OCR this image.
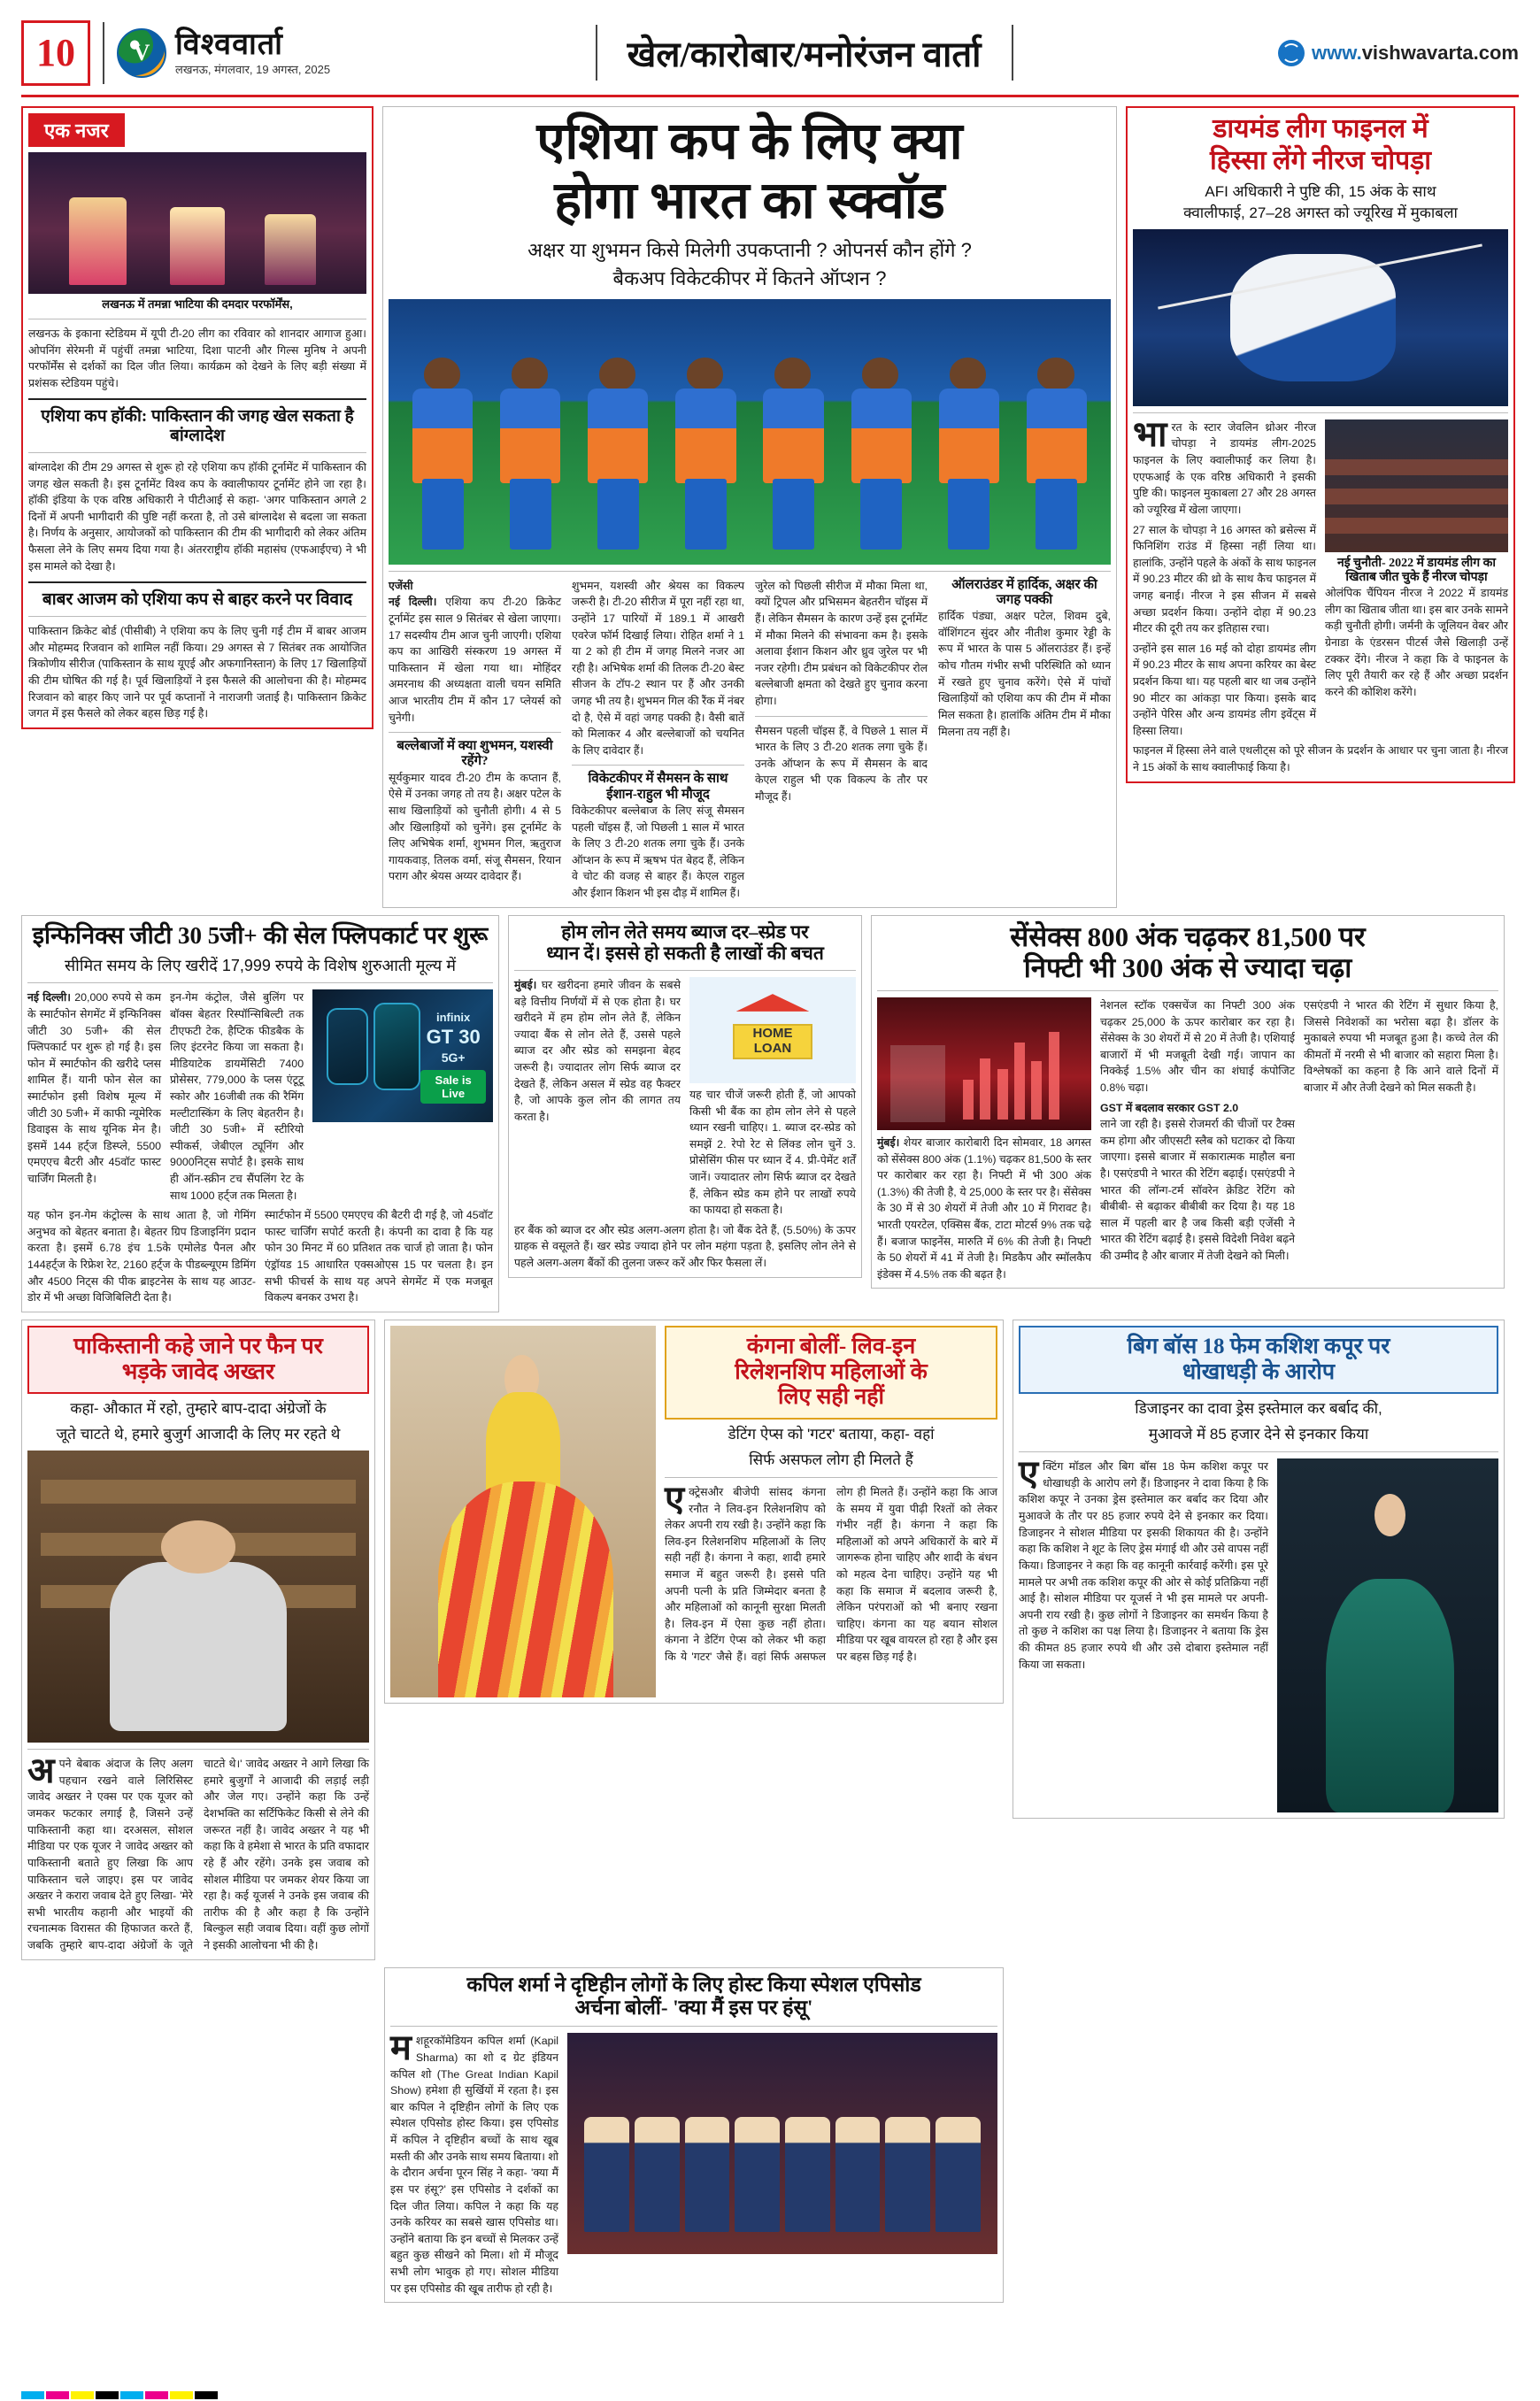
10	V विश्ववार्ता
लखनऊ, मंगलवार, 19 अगस्त, 2025	खेल/कारोबार/मनोरंजन वार्ता	www.vishwavarta.com
एक नजर
लखनऊ में तमन्ना भाटिया की दमदार परफॉर्मेंस,
लखनऊ के इकाना स्टेडियम में यूपी टी-20 लीग का रविवार को शानदार आगाज हुआ। ओपनिंग सेरेमनी में पहुंचीं तमन्ना भाटिया, दिशा पाटनी और गिल्स मुनिष ने अपनी परफॉर्मेंस से दर्शकों का दिल जीत लिया। कार्यक्रम को देखने के लिए बड़ी संख्या में प्रशंसक स्टेडियम पहुंचे।
एशिया कप हॉकी: पाकिस्तान की जगह खेल सकता है बांग्लादेश
बांग्लादेश की टीम 29 अगस्त से शुरू हो रहे एशिया कप हॉकी टूर्नामेंट में पाकिस्तान की जगह खेल सकती है। इस टूर्नामेंट विश्व कप के क्वालीफायर टूर्नामेंट होने जा रहा है। हॉकी इंडिया के एक वरिष्ठ अधिकारी ने पीटीआई से कहा- 'अगर पाकिस्तान अगले 2 दिनों में अपनी भागीदारी की पुष्टि नहीं करता है, तो उसे बांग्लादेश से बदला जा सकता है। निर्णय के अनुसार, आयोजकों को पाकिस्तान की टीम की भागीदारी को लेकर अंतिम फैसला लेने के लिए समय दिया गया है। अंतरराष्ट्रीय हॉकी महासंघ (एफआईएच) ने भी इस मामले को देखा है।
बाबर आजम को एशिया कप से बाहर करने पर विवाद
पाकिस्तान क्रिकेट बोर्ड (पीसीबी) ने एशिया कप के लिए चुनी गई टीम में बाबर आजम और मोहम्मद रिजवान को शामिल नहीं किया। 29 अगस्त से 7 सितंबर तक आयोजित त्रिकोणीय सीरीज (पाकिस्तान के साथ यूएई और अफगानिस्तान) के लिए 17 खिलाड़ियों की टीम घोषित की गई है। पूर्व खिलाड़ियों ने इस फैसले की आलोचना की है। मोहम्मद रिजवान को बाहर किए जाने पर पूर्व कप्तानों ने नाराजगी जताई है। पाकिस्तान क्रिकेट जगत में इस फैसले को लेकर बहस छिड़ गई है।
एशिया कप के लिए क्या
होगा भारत का स्क्वॉड
अक्षर या शुभमन किसे मिलेगी उपकप्तानी ? ओपनर्स कौन होंगे ?
बैकअप विकेटकीपर में कितने ऑप्शन ?
एजेंसी
नई दिल्ली। एशिया कप टी-20 क्रिकेट टूर्नामेंट इस साल 9 सितंबर से खेला जाएगा। 17 सदस्यीय टीम आज चुनी जाएगी। एशिया कप का आखिरी संस्करण 19 अगस्त में पाकिस्तान में खेला गया था। मोहिंदर अमरनाथ की अध्यक्षता वाली चयन समिति आज भारतीय टीम में कौन 17 प्लेयर्स को चुनेगी।
बल्लेबाजों में क्या शुभमन, यशस्वी रहेंगे?
सूर्यकुमार यादव टी-20 टीम के कप्तान हैं, ऐसे में उनका जगह तो तय है। अक्षर पटेल के साथ खिलाड़ियों को चुनौती होगी। 4 से 5 और खिलाड़ियों को चुनेंगे। इस टूर्नामेंट के लिए अभिषेक शर्मा, शुभमन गिल, ऋतुराज गायकवाड़, तिलक वर्मा, संजू सैमसन, रियान पराग और श्रेयस अय्यर दावेदार हैं।
शुभमन, यशस्वी और श्रेयस का विकल्प जरूरी है। टी-20 सीरीज में पूरा नहीं रहा था, उन्होंने 17 पारियों में 189.1 में आखरी एवरेज फॉर्म दिखाई लिया। रोहित शर्मा ने 1 या 2 को ही टीम में जगह मिलने नजर आ रही है। अभिषेक शर्मा की तिलक टी-20 बेस्ट सीजन के टॉप-2 स्थान पर हैं और उनकी जगह भी तय है। शुभमन गिल की रैंक में नंबर दो है, ऐसे में वहां जगह पक्की है। वैसी बातें को मिलाकर 4 और बल्लेबाजों को चयनित के लिए दावेदार हैं।
विकेटकीपर में सैमसन के साथ ईशान-राहुल भी मौजूद
विकेटकीपर बल्लेबाज के लिए संजू सैमसन पहली चॉइस हैं, जो पिछली 1 साल में भारत के लिए 3 टी-20 शतक लगा चुके हैं। उनके ऑप्शन के रूप में ऋषभ पंत बेहद हैं, लेकिन वे चोट की वजह से बाहर हैं। केएल राहुल और ईशान किशन भी इस दौड़ में शामिल हैं।
जुरेल को पिछली सीरीज में मौका मिला था, क्यों ट्रिपल और प्रभिसमन बेहतरीन चॉइस में हैं। लेकिन सैमसन के कारण उन्हें इस टूर्नामेंट में मौका मिलने की संभावना कम है। इसके अलावा ईशान किशन और ध्रुव जुरेल पर भी नजर रहेगी। टीम प्रबंधन को विकेटकीपर रोल बल्लेबाजी क्षमता को देखते हुए चुनाव करना होगा।
सैमसन पहली चॉइस हैं, वे पिछले 1 साल में भारत के लिए 3 टी-20 शतक लगा चुके हैं। उनके ऑप्शन के रूप में सैमसन के बाद केएल राहुल भी एक विकल्प के तौर पर मौजूद हैं।
ऑलराउंडर में हार्दिक, अक्षर की जगह पक्की
हार्दिक पंड्या, अक्षर पटेल, शिवम दुबे, वॉशिंगटन सुंदर और नीतीश कुमार रेड्डी के रूप में भारत के पास 5 ऑलराउंडर हैं। इन्हें कोच गौतम गंभीर सभी परिस्थिति को ध्यान में रखते हुए चुनाव करेंगे। ऐसे में पांचों खिलाड़ियों को एशिया कप की टीम में मौका मिल सकता है। हालांकि अंतिम टीम में मौका मिलना तय नहीं है।
डायमंड लीग फाइनल में
हिस्सा लेंगे नीरज चोपड़ा
AFI अधिकारी ने पुष्टि की, 15 अंक के साथ
क्वालीफाई, 27–28 अगस्त को ज्यूरिख में मुकाबला
भा रत के स्टार जेवलिन थ्रोअर नीरज चोपड़ा ने डायमंड लीग-2025 फाइनल के लिए क्वालीफाई कर लिया है। एएफआई के एक वरिष्ठ अधिकारी ने इसकी पुष्टि की। फाइनल मुकाबला 27 और 28 अगस्त को ज्यूरिख में खेला जाएगा।
27 साल के चोपड़ा ने 16 अगस्त को ब्रसेल्स में फिनिशिंग राउंड में हिस्सा नहीं लिया था। हालांकि, उन्होंने पहले के अंकों के साथ फाइनल में 90.23 मीटर की थ्रो के साथ कैच फाइनल में जगह बनाई। नीरज ने इस सीजन में सबसे अच्छा प्रदर्शन किया। उन्होंने दोहा में 90.23 मीटर की दूरी तय कर इतिहास रचा।
उन्होंने इस साल 16 मई को दोहा डायमंड लीग में 90.23 मीटर के साथ अपना करियर का बेस्ट प्रदर्शन किया था। यह पहली बार था जब उन्होंने 90 मीटर का आंकड़ा पार किया। इसके बाद उन्होंने पेरिस और अन्य डायमंड लीग इवेंट्स में हिस्सा लिया।
नई चुनौती- 2022 में डायमंड लीग का खिताब जीत चुके हैं नीरज चोपड़ा
ओलंपिक चैंपियन नीरज ने 2022 में डायमंड लीग का खिताब जीता था। इस बार उनके सामने कड़ी चुनौती होगी। जर्मनी के जूलियन वेबर और ग्रेनाडा के एंडरसन पीटर्स जैसे खिलाड़ी उन्हें टक्कर देंगे। नीरज ने कहा कि वे फाइनल के लिए पूरी तैयारी कर रहे हैं और अच्छा प्रदर्शन करने की कोशिश करेंगे।
फाइनल में हिस्सा लेने वाले एथलीट्स को पूरे सीजन के प्रदर्शन के आधार पर चुना जाता है। नीरज ने 15 अंकों के साथ क्वालीफाई किया है।
इन्फिनिक्स जीटी 30 5जी+ की सेल फ्लिपकार्ट पर शुरू
सीमित समय के लिए खरीदें 17,999 रुपये के विशेष शुरुआती मूल्य में
नई दिल्ली। 20,000 रुपये से कम के स्मार्टफोन सेगमेंट में इन्फिनिक्स जीटी 30 5जी+ की सेल फ्लिपकार्ट पर शुरू हो गई है। इस फोन में स्मार्टफोन की खरीदे प्लस शामिल हैं। यानी फोन सेल का स्मार्टफोन इसी विशेष मूल्य में जीटी 30 5जी+ में काफी न्यूमेरिक डिवाइस के साथ यूनिक मेन है। इसमें 144 हर्ट्ज डिस्प्ले, 5500 एमएएच बैटरी और 45वॉट फास्ट चार्जिंग मिलती है।
इन-गेम कंट्रोल, जैसे बुलिंग पर बॉक्स बेहतर रिस्पॉन्सिबिल्टी तक टीएफटी टेक, हैप्टिक फीडबैक के लिए इंटरनेट किया जा सकता है। मीडियाटेक डायमेंसिटी 7400 प्रोसेसर, 779,000 के प्लस एंटूटू स्कोर और 16जीबी तक की रैमिंग मल्टीटास्किंग के लिए बेहतरीन है। जीटी 30 5जी+ में स्टीरियो स्पीकर्स, जेबीएल ट्यूनिंग और 9000निट्स सपोर्ट है। इसके साथ ही ऑन-स्क्रीन टच सैंपलिंग रेट के साथ 1000 हर्ट्ज तक मिलता है।
infinix
GT 30
5G+
Sale is Live
यह फोन इन-गेम कंट्रोल्स के साथ आता है, जो गेमिंग अनुभव को बेहतर बनाता है। बेहतर ग्रिप डिजाइनिंग प्रदान करता है। इसमें 6.78 इंच 1.5के एमोलेड पैनल और 144हर्ट्ज के रिफ्रेश रेट, 2160 हर्ट्ज के पीडब्ल्यूएम डिमिंग और 4500 निट्स की पीक ब्राइटनेस के साथ यह आउट-डोर में भी अच्छा विजिबिलिटी देता है।
स्मार्टफोन में 5500 एमएएच की बैटरी दी गई है, जो 45वॉट फास्ट चार्जिंग सपोर्ट करती है। कंपनी का दावा है कि यह फोन 30 मिनट में 60 प्रतिशत तक चार्ज हो जाता है। फोन एंड्रॉयड 15 आधारित एक्सओएस 15 पर चलता है। इन सभी फीचर्स के साथ यह अपने सेगमेंट में एक मजबूत विकल्प बनकर उभरा है।
होम लोन लेते समय ब्याज दर–स्प्रेड पर
ध्यान दें। इससे हो सकती है लाखों की बचत
मुंबई। घर खरीदना हमारे जीवन के सबसे बड़े वित्तीय निर्णयों में से एक होता है। घर खरीदने में हम होम लोन लेते हैं, लेकिन ज्यादा बैंक से लोन लेते हैं, उससे पहले ब्याज दर और स्प्रेड को समझना बेहद जरूरी है। ज्यादातर लोग सिर्फ ब्याज दर देखते हैं, लेकिन असल में स्प्रेड वह फैक्टर है, जो आपके कुल लोन की लागत तय करता है।
HOME LOAN
यह चार चीजें जरूरी होती हैं, जो आपको किसी भी बैंक का होम लोन लेने से पहले ध्यान रखनी चाहिए। 1. ब्याज दर-स्प्रेड को समझें 2. रेपो रेट से लिंक्ड लोन चुनें 3. प्रोसेसिंग फीस पर ध्यान दें 4. प्री-पेमेंट शर्तें जानें। ज्यादातर लोग सिर्फ ब्याज दर देखते हैं, लेकिन स्प्रेड कम होने पर लाखों रुपये का फायदा हो सकता है।
हर बैंक को ब्याज दर और स्प्रेड अलग-अलग होता है। जो बैंक देते हैं, (5.50%) के ऊपर ग्राहक से वसूलते हैं। खर स्प्रेड ज्यादा होने पर लोन महंगा पड़ता है, इसलिए लोन लेने से पहले अलग-अलग बैंकों की तुलना जरूर करें और फिर फैसला लें।
सेंसेक्स 800 अंक चढ़कर 81,500 पर
निफ्टी भी 300 अंक से ज्यादा चढ़ा
मुंबई। शेयर बाजार कारोबारी दिन सोमवार, 18 अगस्त को सेंसेक्स 800 अंक (1.1%) चढ़कर 81,500 के स्तर पर कारोबार कर रहा है। निफ्टी में भी 300 अंक (1.3%) की तेजी है, ये 25,000 के स्तर पर है। सेंसेक्स के 30 में से 30 शेयरों में तेजी और 10 में गिरावट है। भारती एयरटेल, एक्सिस बैंक, टाटा मोटर्स 9% तक चढ़े हैं। बजाज फाइनेंस, मारुति में 6% की तेजी है। निफ्टी के 50 शेयरों में 41 में तेजी है। मिडकैप और स्मॉलकैप इंडेक्स में 4.5% तक की बढ़त है।
नेशनल स्टॉक एक्सचेंज का निफ्टी 300 अंक चढ़कर 25,000 के ऊपर कारोबार कर रहा है। सेंसेक्स के 30 शेयरों में से 20 में तेजी है। एशियाई बाजारों में भी मजबूती देखी गई। जापान का निक्केई 1.5% और चीन का शंघाई कंपोजिट 0.8% चढ़ा।
GST में बदलाव सरकार GST 2.0
लाने जा रही है। इससे रोजमर्रा की चीजों पर टैक्स कम होगा और जीएसटी स्लैब को घटाकर दो किया जाएगा। इससे बाजार में सकारात्मक माहौल बना है। एसएंडपी ने भारत की रेटिंग बढ़ाई। एसएंडपी ने भारत की लॉन्ग-टर्म सॉवरेन क्रेडिट रेटिंग को बीबीबी- से बढ़ाकर बीबीबी कर दिया है। यह 18 साल में पहली बार है जब किसी बड़ी एजेंसी ने भारत की रेटिंग बढ़ाई है। इससे विदेशी निवेश बढ़ने की उम्मीद है और बाजार में तेजी देखने को मिली।
एसएंडपी ने भारत की रेटिंग में सुधार किया है, जिससे निवेशकों का भरोसा बढ़ा है। डॉलर के मुकाबले रुपया भी मजबूत हुआ है। कच्चे तेल की कीमतों में नरमी से भी बाजार को सहारा मिला है। विश्लेषकों का कहना है कि आने वाले दिनों में बाजार में और तेजी देखने को मिल सकती है।
पाकिस्तानी कहे जाने पर फैन पर
भड़के जावेद अख्तर
कहा- औकात में रहो, तुम्हारे बाप-दादा अंग्रेजों के
जूते चाटते थे, हमारे बुजुर्ग आजादी के लिए मर रहते थे
अ पने बेबाक अंदाज के लिए अलग पहचान रखने वाले लिरिसिस्ट जावेद अख्तर ने एक्स पर एक यूजर को जमकर फटकार लगाई है, जिसने उन्हें पाकिस्तानी कहा था। दरअसल, सोशल मीडिया पर एक यूजर ने जावेद अख्तर को पाकिस्तानी बताते हुए लिखा कि आप पाकिस्तान चले जाइए। इस पर जावेद अख्तर ने करारा जवाब देते हुए लिखा- 'मेरे सभी भारतीय कहानी और भाइयों की रचनात्मक विरासत की हिफाजत करते हैं, जबकि तुम्हारे बाप-दादा अंग्रेजों के जूते चाटते थे।' जावेद अख्तर ने आगे लिखा कि हमारे बुजुर्गों ने आजादी की लड़ाई लड़ी और जेल गए। उन्होंने कहा कि उन्हें देशभक्ति का सर्टिफिकेट किसी से लेने की जरूरत नहीं है। जावेद अख्तर ने यह भी कहा कि वे हमेशा से भारत के प्रति वफादार रहे हैं और रहेंगे। उनके इस जवाब को सोशल मीडिया पर जमकर शेयर किया जा रहा है। कई यूजर्स ने उनके इस जवाब की तारीफ की है और कहा है कि उन्होंने बिल्कुल सही जवाब दिया। वहीं कुछ लोगों ने इसकी आलोचना भी की है।
कंगना बोलीं- लिव-इन
रिलेशनशिप महिलाओं के
लिए सही नहीं
डेटिंग ऐप्स को 'गटर' बताया, कहा- वहां
सिर्फ असफल लोग ही मिलते हैं
एक्ट्रेसऔर बीजेपी सांसद कंगना रनौत ने लिव-इन रिलेशनशिप को लेकर अपनी राय रखी है। उन्होंने कहा कि लिव-इन रिलेशनशिप महिलाओं के लिए सही नहीं है। कंगना ने कहा, शादी हमारे समाज में बहुत जरूरी है। इससे पति अपनी पत्नी के प्रति जिम्मेदार बनता है और महिलाओं को कानूनी सुरक्षा मिलती है। लिव-इन में ऐसा कुछ नहीं होता। कंगना ने डेटिंग ऐप्स को लेकर भी कहा कि ये 'गटर' जैसे हैं। वहां सिर्फ असफल लोग ही मिलते हैं। उन्होंने कहा कि आज के समय में युवा पीढ़ी रिश्तों को लेकर गंभीर नहीं है। कंगना ने कहा कि महिलाओं को अपने अधिकारों के बारे में जागरूक होना चाहिए और शादी के बंधन को महत्व देना चाहिए। उन्होंने यह भी कहा कि समाज में बदलाव जरूरी है, लेकिन परंपराओं को भी बनाए रखना चाहिए। कंगना का यह बयान सोशल मीडिया पर खूब वायरल हो रहा है और इस पर बहस छिड़ गई है।
बिग बॉस 18 फेम कशिश कपूर पर
धोखाधड़ी के आरोप
डिजाइनर का दावा ड्रेस इस्तेमाल कर बर्बाद की,
मुआवजे में 85 हजार देने से इनकार किया
ए क्टिंग मॉडल और बिग बॉस 18 फेम कशिश कपूर पर धोखाधड़ी के आरोप लगे हैं। डिजाइनर ने दावा किया है कि कशिश कपूर ने उनका ड्रेस इस्तेमाल कर बर्बाद कर दिया और मुआवजे के तौर पर 85 हजार रुपये देने से इनकार कर दिया। डिजाइनर ने सोशल मीडिया पर इसकी शिकायत की है। उन्होंने कहा कि कशिश ने शूट के लिए ड्रेस मंगाई थी और उसे वापस नहीं किया। डिजाइनर ने कहा कि वह कानूनी कार्रवाई करेंगी। इस पूरे मामले पर अभी तक कशिश कपूर की ओर से कोई प्रतिक्रिया नहीं आई है। सोशल मीडिया पर यूजर्स ने भी इस मामले पर अपनी-अपनी राय रखी है। कुछ लोगों ने डिजाइनर का समर्थन किया है तो कुछ ने कशिश का पक्ष लिया है। डिजाइनर ने बताया कि ड्रेस की कीमत 85 हजार रुपये थी और उसे दोबारा इस्तेमाल नहीं किया जा सकता।
कपिल शर्मा ने दृष्टिहीन लोगों के लिए होस्ट किया स्पेशल एपिसोड
अर्चना बोलीं- 'क्या मैं इस पर हंसू'
मशहूरकॉमेडियन कपिल शर्मा (Kapil Sharma) का शो द ग्रेट इंडियन कपिल शो (The Great Indian Kapil Show) हमेशा ही सुर्खियों में रहता है। इस बार कपिल ने दृष्टिहीन लोगों के लिए एक स्पेशल एपिसोड होस्ट किया। इस एपिसोड में कपिल ने दृष्टिहीन बच्चों के साथ खूब मस्ती की और उनके साथ समय बिताया। शो के दौरान अर्चना पूरन सिंह ने कहा- 'क्या मैं इस पर हंसू?' इस एपिसोड ने दर्शकों का दिल जीत लिया। कपिल ने कहा कि यह उनके करियर का सबसे खास एपिसोड था। उन्होंने बताया कि इन बच्चों से मिलकर उन्हें बहुत कुछ सीखने को मिला। शो में मौजूद सभी लोग भावुक हो गए। सोशल मीडिया पर इस एपिसोड की खूब तारीफ हो रही है।
